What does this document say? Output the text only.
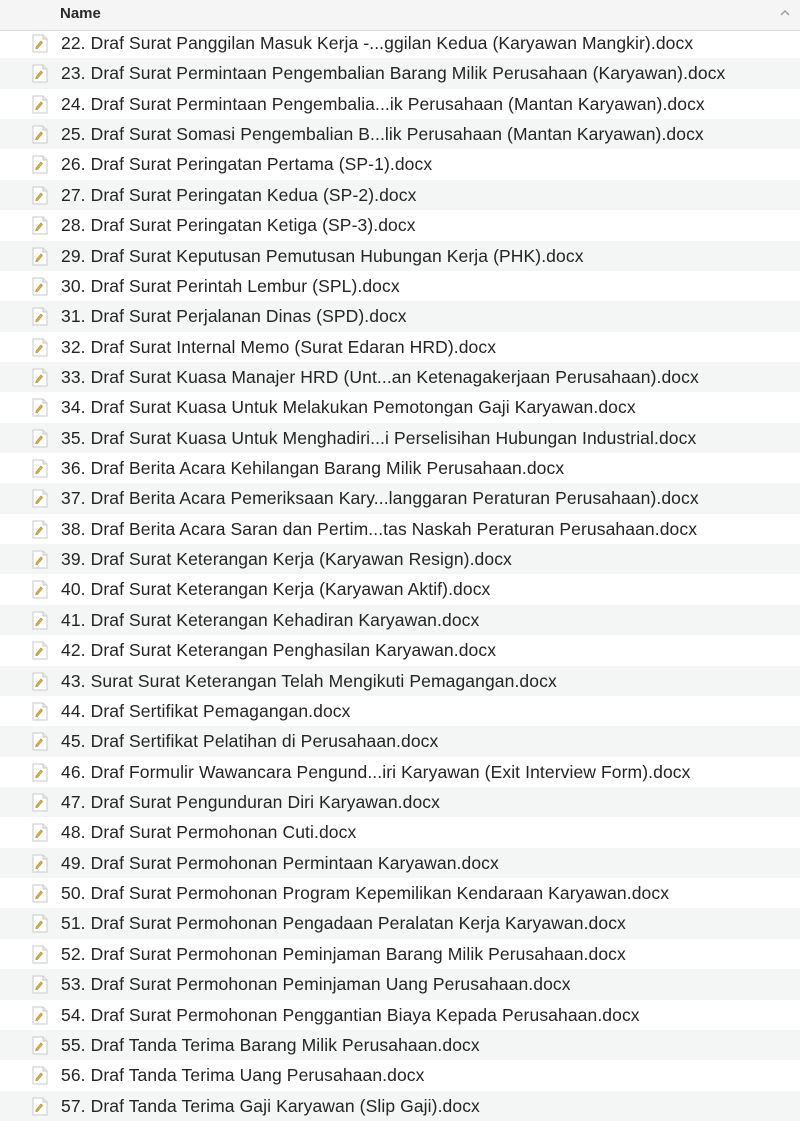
Name
22. Draf Surat Panggilan Masuk Kerja -...ggilan Kedua (Karyawan Mangkir).docx
23. Draf Surat Permintaan Pengembalian Barang Milik Perusahaan (Karyawan).docx
24. Draf Surat Permintaan Pengembalia...ik Perusahaan (Mantan Karyawan).docx
25. Draf Surat Somasi Pengembalian B...lik Perusahaan (Mantan Karyawan).docx
26. Draf Surat Peringatan Pertama (SP-1).docx
27. Draf Surat Peringatan Kedua (SP-2).docx
28. Draf Surat Peringatan Ketiga (SP-3).docx
29. Draf Surat Keputusan Pemutusan Hubungan Kerja (PHK).docx
30. Draf Surat Perintah Lembur (SPL).docx
31. Draf Surat Perjalanan Dinas (SPD).docx
32. Draf Surat Internal Memo (Surat Edaran HRD).docx
33. Draf Surat Kuasa Manajer HRD (Unt...an Ketenagakerjaan Perusahaan).docx
34. Draf Surat Kuasa Untuk Melakukan Pemotongan Gaji Karyawan.docx
35. Draf Surat Kuasa Untuk Menghadiri...i Perselisihan Hubungan Industrial.docx
36. Draf Berita Acara Kehilangan Barang Milik Perusahaan.docx
37. Draf Berita Acara Pemeriksaan Kary...langgaran Peraturan Perusahaan).docx
38. Draf Berita Acara Saran dan Pertim...tas Naskah Peraturan Perusahaan.docx
39. Draf Surat Keterangan Kerja (Karyawan Resign).docx
40. Draf Surat Keterangan Kerja (Karyawan Aktif).docx
41. Draf Surat Keterangan Kehadiran Karyawan.docx
42. Draf Surat Keterangan Penghasilan Karyawan.docx
43. Surat Surat Keterangan Telah Mengikuti Pemagangan.docx
44. Draf Sertifikat Pemagangan.docx
45. Draf Sertifikat Pelatihan di Perusahaan.docx
46. Draf Formulir Wawancara Pengund...iri Karyawan (Exit Interview Form).docx
47. Draf Surat Pengunduran Diri Karyawan.docx
48. Draf Surat Permohonan Cuti.docx
49. Draf Surat Permohonan Permintaan Karyawan.docx
50. Draf Surat Permohonan Program Kepemilikan Kendaraan Karyawan.docx
51. Draf Surat Permohonan Pengadaan Peralatan Kerja Karyawan.docx
52. Draf Surat Permohonan Peminjaman Barang Milik Perusahaan.docx
53. Draf Surat Permohonan Peminjaman Uang Perusahaan.docx
54. Draf Surat Permohonan Penggantian Biaya Kepada Perusahaan.docx
55. Draf Tanda Terima Barang Milik Perusahaan.docx
56. Draf Tanda Terima Uang Perusahaan.docx
57. Draf Tanda Terima Gaji Karyawan (Slip Gaji).docx
